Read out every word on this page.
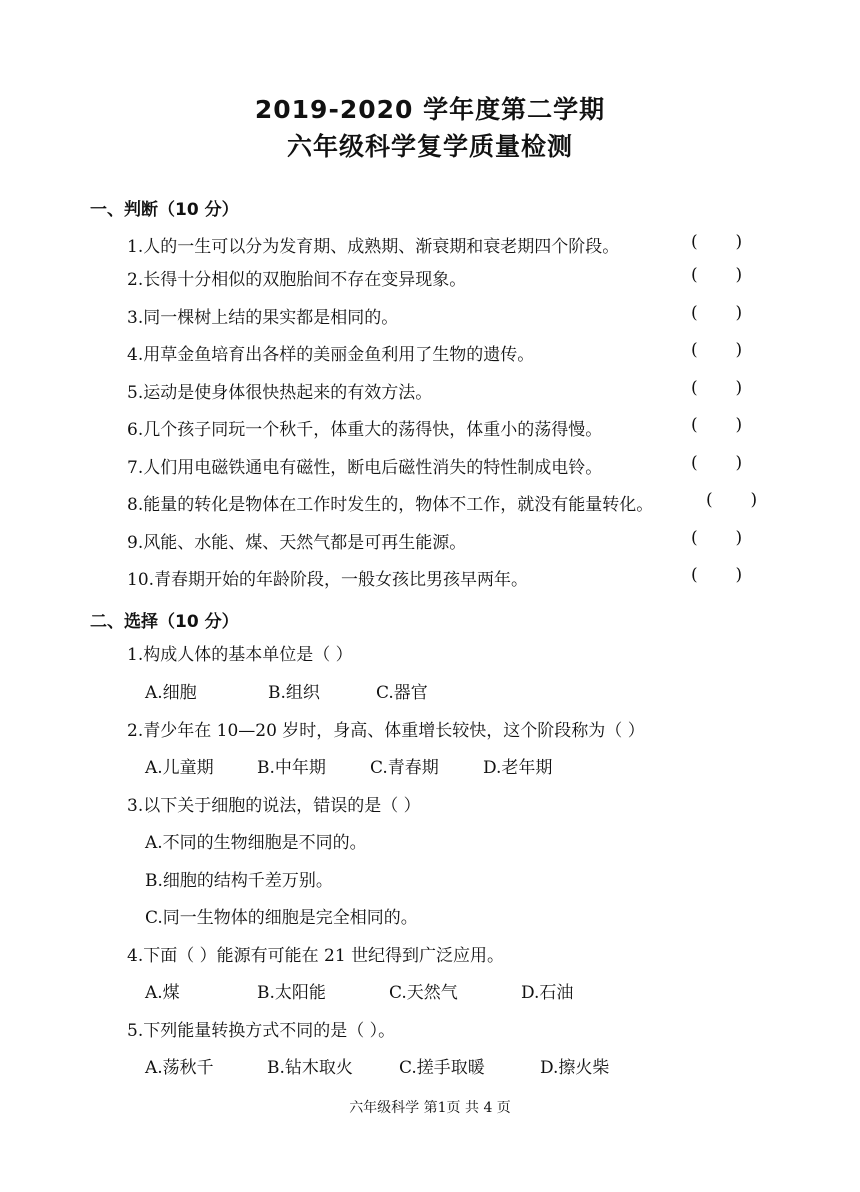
2019-2020 学年度第二学期
六年级科学复学质量检测
一、判断（10 分）
1.人的一生可以分为发育期、成熟期、渐衰期和衰老期四个阶段。	(       )
2.长得十分相似的双胞胎间不存在变异现象。	(       )
3.同一棵树上结的果实都是相同的。	(       )
4.用草金鱼培育出各样的美丽金鱼利用了生物的遗传。	(       )
5.运动是使身体很快热起来的有效方法。	(       )
6.几个孩子同玩一个秋千，体重大的荡得快，体重小的荡得慢。	(       )
7.人们用电磁铁通电有磁性，断电后磁性消失的特性制成电铃。	(       )
8.能量的转化是物体在工作时发生的，物体不工作，就没有能量转化。	(       )
9.风能、水能、煤、天然气都是可再生能源。	(       )
10.青春期开始的年龄阶段，一般女孩比男孩早两年。	(       )
二、选择（10 分）
1.构成人体的基本单位是（ ）
A.细胞	B.组织	C.器官
2.青少年在 10—20 岁时，身高、体重增长较快，这个阶段称为（ ）
A.儿童期	B.中年期	C.青春期	D.老年期
3.以下关于细胞的说法，错误的是（ ）
A.不同的生物细胞是不同的。
B.细胞的结构千差万别。
C.同一生物体的细胞是完全相同的。
4.下面（ ）能源有可能在 21 世纪得到广泛应用。
A.煤	B.太阳能	C.天然气	D.石油
5.下列能量转换方式不同的是（ ）。
A.荡秋千	B.钻木取火	C.搓手取暖	D.擦火柴
六年级科学 第1页 共 4 页
